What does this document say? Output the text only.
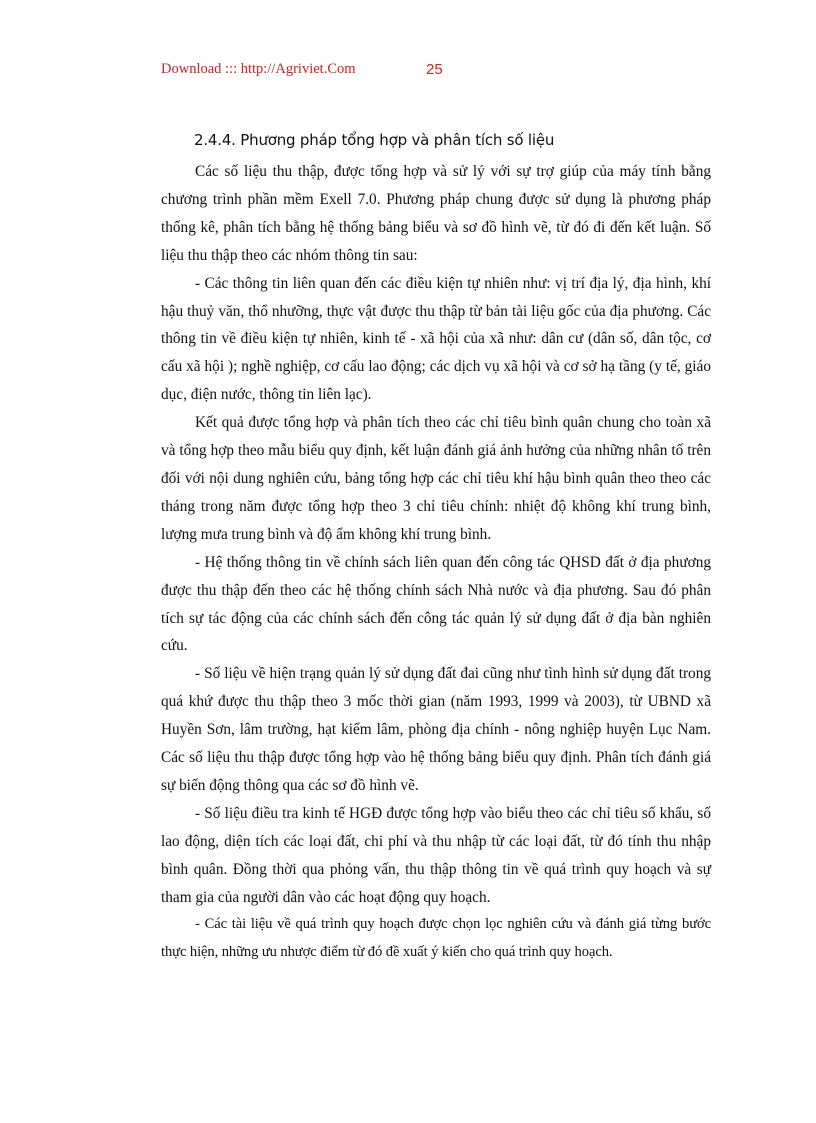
Download ::: http://Agriviet.Com	25
2.4.4. Phương pháp tổng hợp và phân tích số liệu

Các số liệu thu thập, được tổng hợp và sử lý với sự trợ giúp của máy tính bằng chương trình phần mềm Exell 7.0. Phương pháp chung được sử dụng là phương pháp thống kê, phân tích bằng hệ thống bảng biểu và sơ đồ hình vẽ, từ đó đi đến kết luận. Số liệu thu thập theo các nhóm thông tin sau:

- Các thông tin liên quan đến các điều kiện tự nhiên như: vị trí địa lý, địa hình, khí hậu thuỷ văn, thổ nhưỡng, thực vật được thu thập từ bản tài liệu gốc của địa phương. Các thông tin về điều kiện tự nhiên, kinh tế - xã hội của xã như: dân cư (dân số, dân tộc, cơ cấu xã hội ); nghề nghiệp, cơ cấu lao động; các dịch vụ xã hội và cơ sở hạ tầng (y tế, giáo dục, điện nước, thông tin liên lạc).

Kết quả được tổng hợp và phân tích theo các chỉ tiêu bình quân chung cho toàn xã và tổng hợp theo mẫu biểu quy định, kết luận đánh giá ảnh hưởng của những nhân tố trên đối với nội dung nghiên cứu, bảng tổng hợp các chỉ tiêu khí hậu bình quân theo theo các tháng trong năm được tổng hợp theo 3 chỉ tiêu chính: nhiệt độ không khí trung bình, lượng mưa trung bình và độ ẩm không khí trung bình.

- Hệ thống thông tin về chính sách liên quan đến công tác QHSD đất ở địa phương được thu thập đến theo các hệ thống chính sách Nhà nước và địa phương. Sau đó phân tích sự tác động của các chính sách đến công tác quản lý sử dụng đất ở địa bàn nghiên cứu.

- Số liệu về hiện trạng quản lý sử dụng đất đai cũng như tình hình sử dụng đất trong quá khứ được thu thập theo 3 mốc thời gian (năm 1993, 1999 và 2003), từ UBND xã Huyền Sơn, lâm trường, hạt kiểm lâm, phòng địa chính - nông nghiệp huyện Lục Nam. Các số liệu thu thập được tổng hợp vào hệ thống bảng biểu quy định. Phân tích đánh giá sự biến động thông qua các sơ đồ hình vẽ.

- Số liệu điều tra kinh tế HGĐ được tổng hợp vào biểu theo các chỉ tiêu số khẩu, số lao động, diện tích các loại đất, chi phí và thu nhập từ các loại đất, từ đó tính thu nhập bình quân. Đồng thời qua phỏng vấn, thu thập thông tin về quá trình quy hoạch và sự tham gia của người dân vào các hoạt động quy hoạch.

- Các tài liệu về quá trình quy hoạch được chọn lọc nghiên cứu và đánh giá từng bước thực hiện, những ưu nhược điểm từ đó đề xuất ý kiến cho quá trình quy hoạch.
